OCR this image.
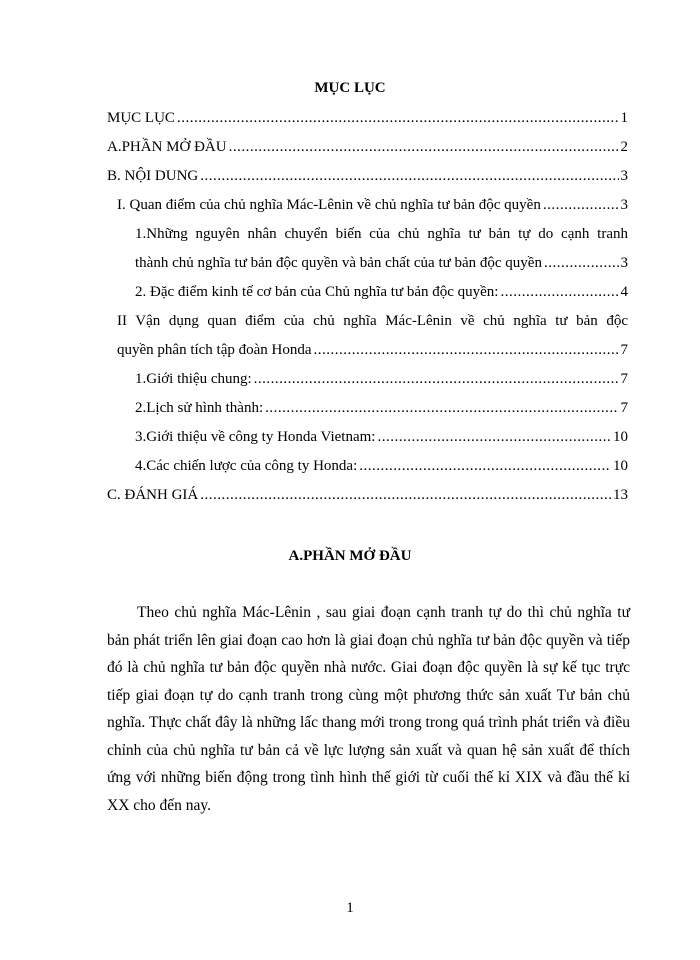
MỤC LỤC
MỤC LỤC .....	1
A.PHẦN MỞ ĐẦU .....	2
B. NỘI DUNG .....	3
I. Quan điểm của chủ nghĩa Mác-Lênin về chủ nghĩa tư bản độc quyền .....	3
1.Những nguyên nhân chuyển biến của chủ nghĩa tư bản tự do cạnh tranh
thành chủ nghĩa tư bản độc quyền và bản chất của tư bản độc quyền .....	3
2. Đặc điểm kinh tế cơ bản của Chủ nghĩa tư bản độc quyền: .....	4
II Vận dụng quan điểm của chủ nghĩa Mác-Lênin về chủ nghĩa tư bản độc
quyền phân tích tập đoàn Honda .....	7
1.Giới thiệu chung: .....	7
2.Lịch sử hình thành: .....	7
3.Giới thiệu về công ty Honda Vietnam: .....	10
4.Các chiến lược của công ty Honda: .....	10
C. ĐÁNH GIÁ .....	13
A.PHẦN MỞ ĐẦU
Theo chủ nghĩa Mác-Lênin , sau giai đoạn cạnh tranh tự do thì chủ nghĩa tư bản phát triển lên giai đoạn cao hơn là giai đoạn chủ nghĩa tư bản độc quyền và tiếp đó là chủ nghĩa tư bản độc quyền nhà nước. Giai đoạn độc quyền là sự kế tục trực tiếp giai đoạn tự do cạnh tranh trong cùng một phương thức sản xuất Tư bản chủ nghĩa. Thực chất đây là những lấc thang mới trong trong quá trình phát triển và điều chỉnh của chủ nghĩa tư bản cả về lực lượng sản xuất và quan hệ sản xuất để thích ứng với những biến động trong tình hình thế giới từ cuối thế kỉ XIX và đầu thế kỉ XX cho đến nay.
1
